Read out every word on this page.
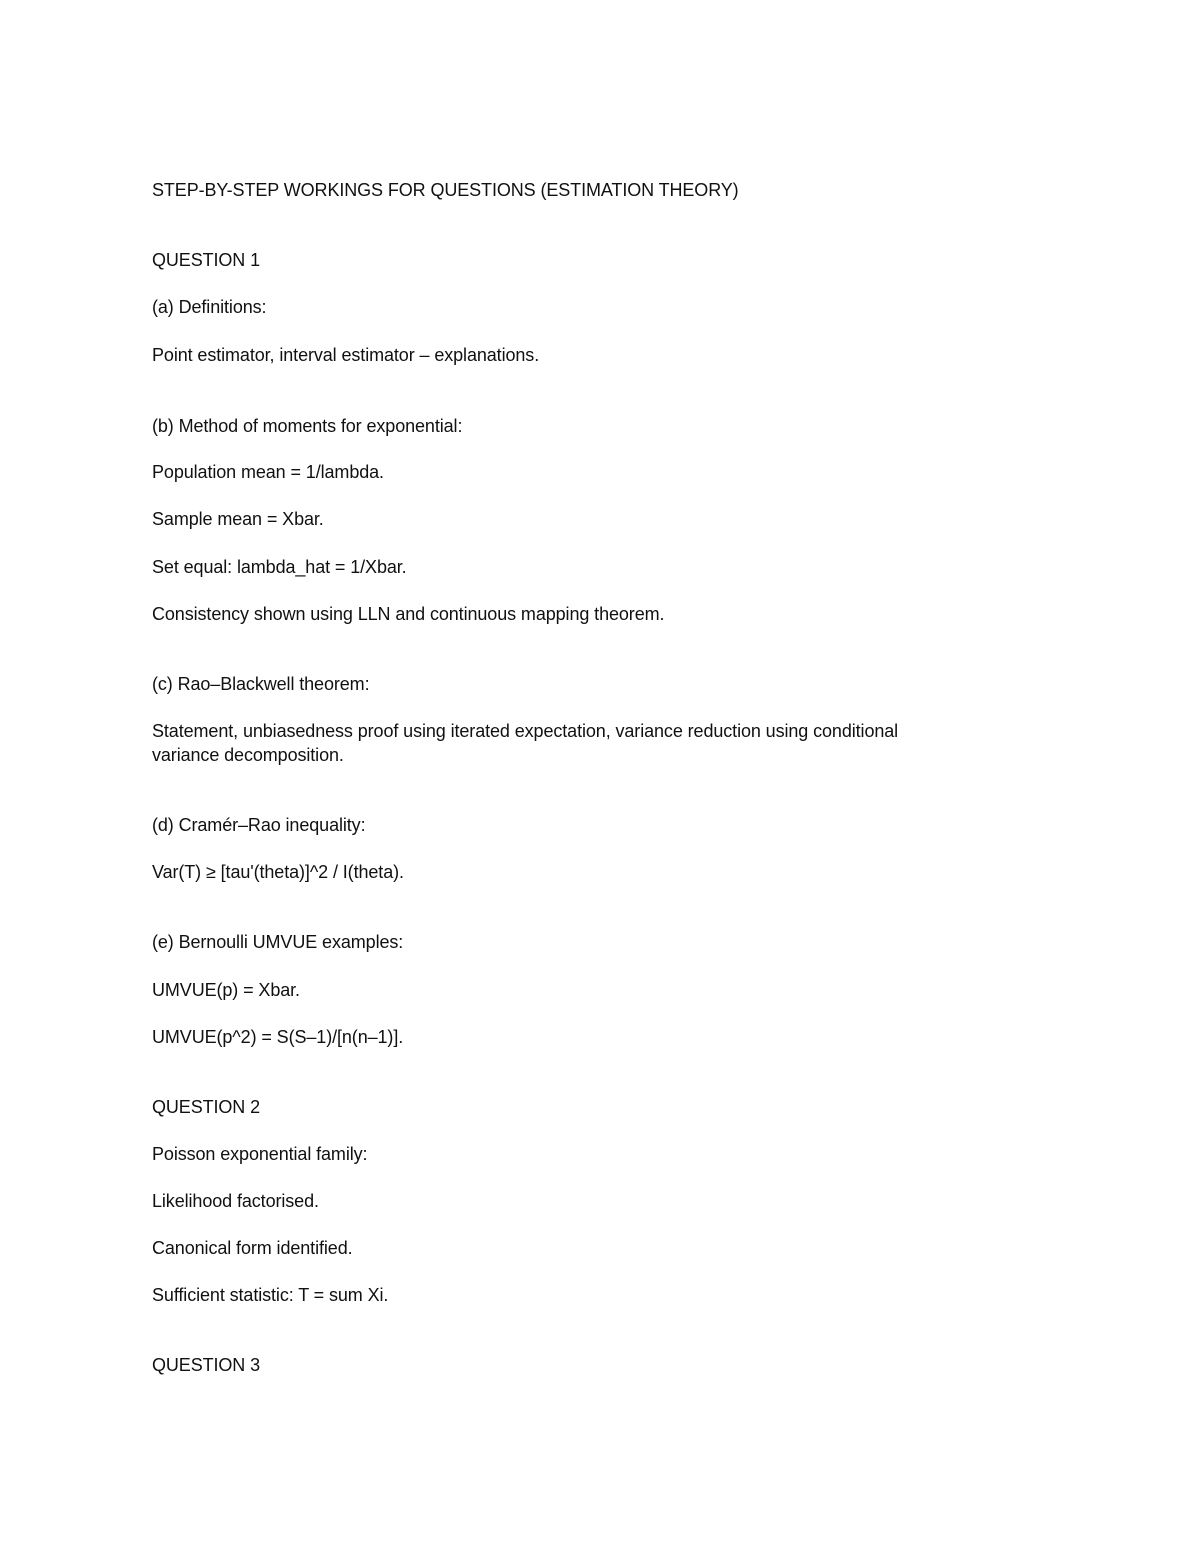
STEP-BY-STEP WORKINGS FOR QUESTIONS (ESTIMATION THEORY)
QUESTION 1
(a) Definitions:
Point estimator, interval estimator – explanations.
(b) Method of moments for exponential:
Population mean = 1/lambda.
Sample mean = Xbar.
Set equal: lambda_hat = 1/Xbar.
Consistency shown using LLN and continuous mapping theorem.
(c) Rao–Blackwell theorem:
Statement, unbiasedness proof using iterated expectation, variance reduction using conditional
variance decomposition.
(d) Cramér–Rao inequality:
Var(T) ≥ [tau'(theta)]^2 / I(theta).
(e) Bernoulli UMVUE examples:
UMVUE(p) = Xbar.
UMVUE(p^2) = S(S–1)/[n(n–1)].
QUESTION 2
Poisson exponential family:
Likelihood factorised.
Canonical form identified.
Sufficient statistic: T = sum Xi.
QUESTION 3
